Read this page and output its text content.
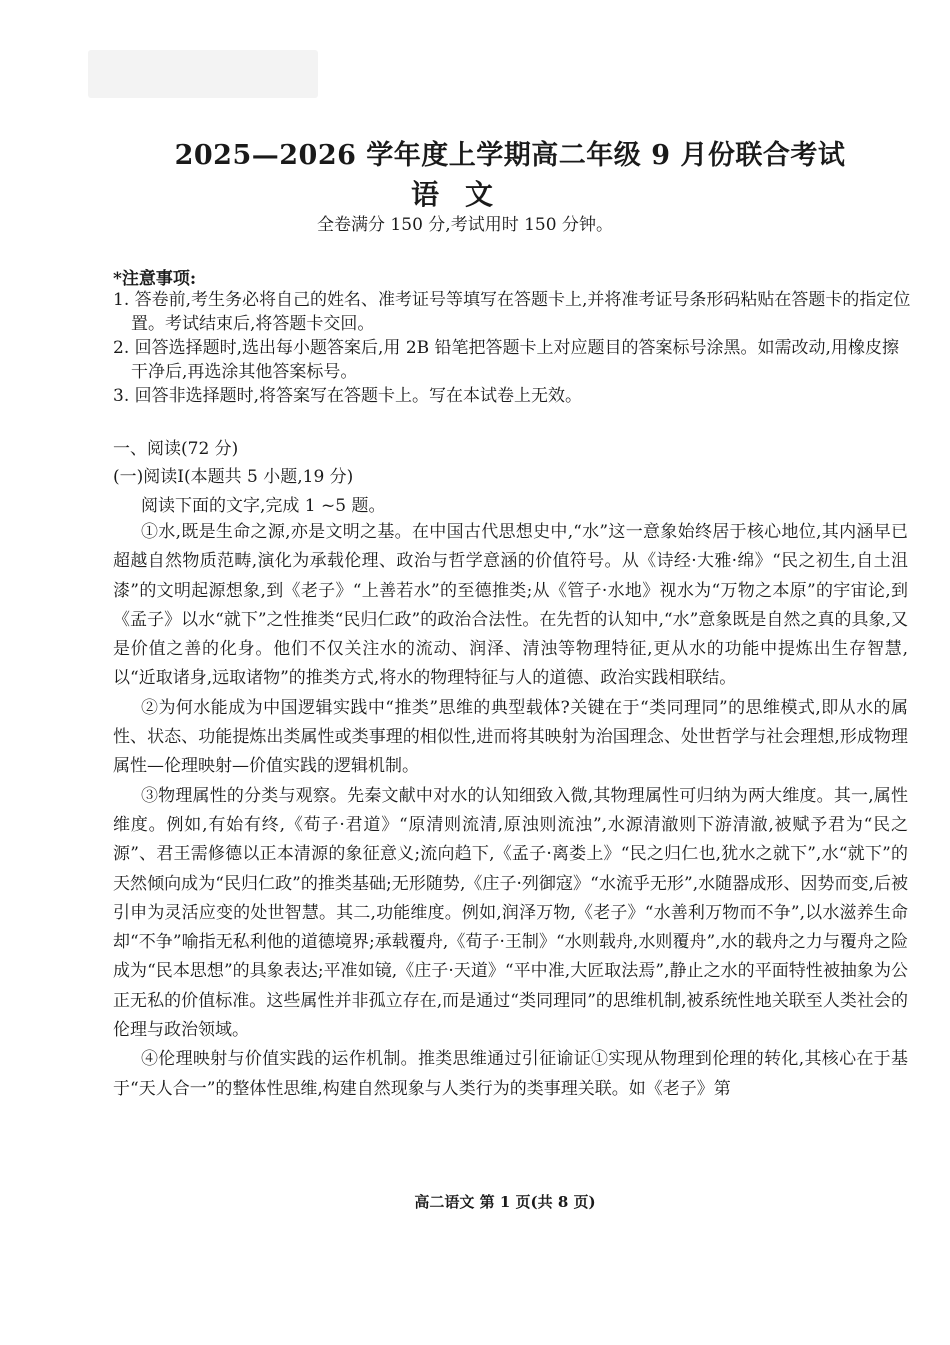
2025—2026 学年度上学期高二年级 9 月份联合考试
语文
全卷满分 150 分,考试用时 150 分钟。
*注意事项:

1. 答卷前,考生务必将自己的姓名、准考证号等填写在答题卡上,并将准考证号条形码粘贴在答题卡的指定位置。考试结束后,将答题卡交回。

2. 回答选择题时,选出每小题答案后,用 2B 铅笔把答题卡上对应题目的答案标号涂黑。如需改动,用橡皮擦干净后,再选涂其他答案标号。

3. 回答非选择题时,将答案写在答题卡上。写在本试卷上无效。

一、阅读(72 分)
(一)阅读Ⅰ(本题共 5 小题,19 分)
阅读下面的文字,完成 1 ~5 题。

①水,既是生命之源,亦是文明之基。在中国古代思想史中,“水”这一意象始终居于核心地位,其内涵早已超越自然物质范畴,演化为承载伦理、政治与哲学意涵的价值符号。从《诗经·大雅·绵》“民之初生,自土沮漆”的文明起源想象,到《老子》“上善若水”的至德推类;从《管子·水地》视水为“万物之本原”的宇宙论,到《孟子》以水“就下”之性推类“民归仁政”的政治合法性。在先哲的认知中,“水”意象既是自然之真的具象,又是价值之善的化身。他们不仅关注水的流动、润泽、清浊等物理特征,更从水的功能中提炼出生存智慧,以“近取诸身,远取诸物”的推类方式,将水的物理特征与人的道德、政治实践相联结。

②为何水能成为中国逻辑实践中“推类”思维的典型载体?关键在于“类同理同”的思维模式,即从水的属性、状态、功能提炼出类属性或类事理的相似性,进而将其映射为治国理念、处世哲学与社会理想,形成物理属性—伦理映射—价值实践的逻辑机制。

③物理属性的分类与观察。先秦文献中对水的认知细致入微,其物理属性可归纳为两大维度。其一,属性维度。例如,有始有终,《荀子·君道》“原清则流清,原浊则流浊”,水源清澈则下游清澈,被赋予君为“民之源”、君王需修德以正本清源的象征意义;流向趋下,《孟子·离娄上》“民之归仁也,犹水之就下”,水“就下”的天然倾向成为“民归仁政”的推类基础;无形随势,《庄子·列御寇》“水流乎无形”,水随器成形、因势而变,后被引申为灵活应变的处世智慧。其二,功能维度。例如,润泽万物,《老子》“水善利万物而不争”,以水滋养生命却“不争”喻指无私利他的道德境界;承载覆舟,《荀子·王制》“水则载舟,水则覆舟”,水的载舟之力与覆舟之险成为“民本思想”的具象表达;平准如镜,《庄子·天道》“平中准,大匠取法焉”,静止之水的平面特性被抽象为公正无私的价值标准。这些属性并非孤立存在,而是通过“类同理同”的思维机制,被系统性地关联至人类社会的伦理与政治领域。

④伦理映射与价值实践的运作机制。推类思维通过引征谕证①实现从物理到伦理的转化,其核心在于基于“天人合一”的整体性思维,构建自然现象与人类行为的类事理关联。如《老子》第

高二语文 第 1 页(共 8 页)
